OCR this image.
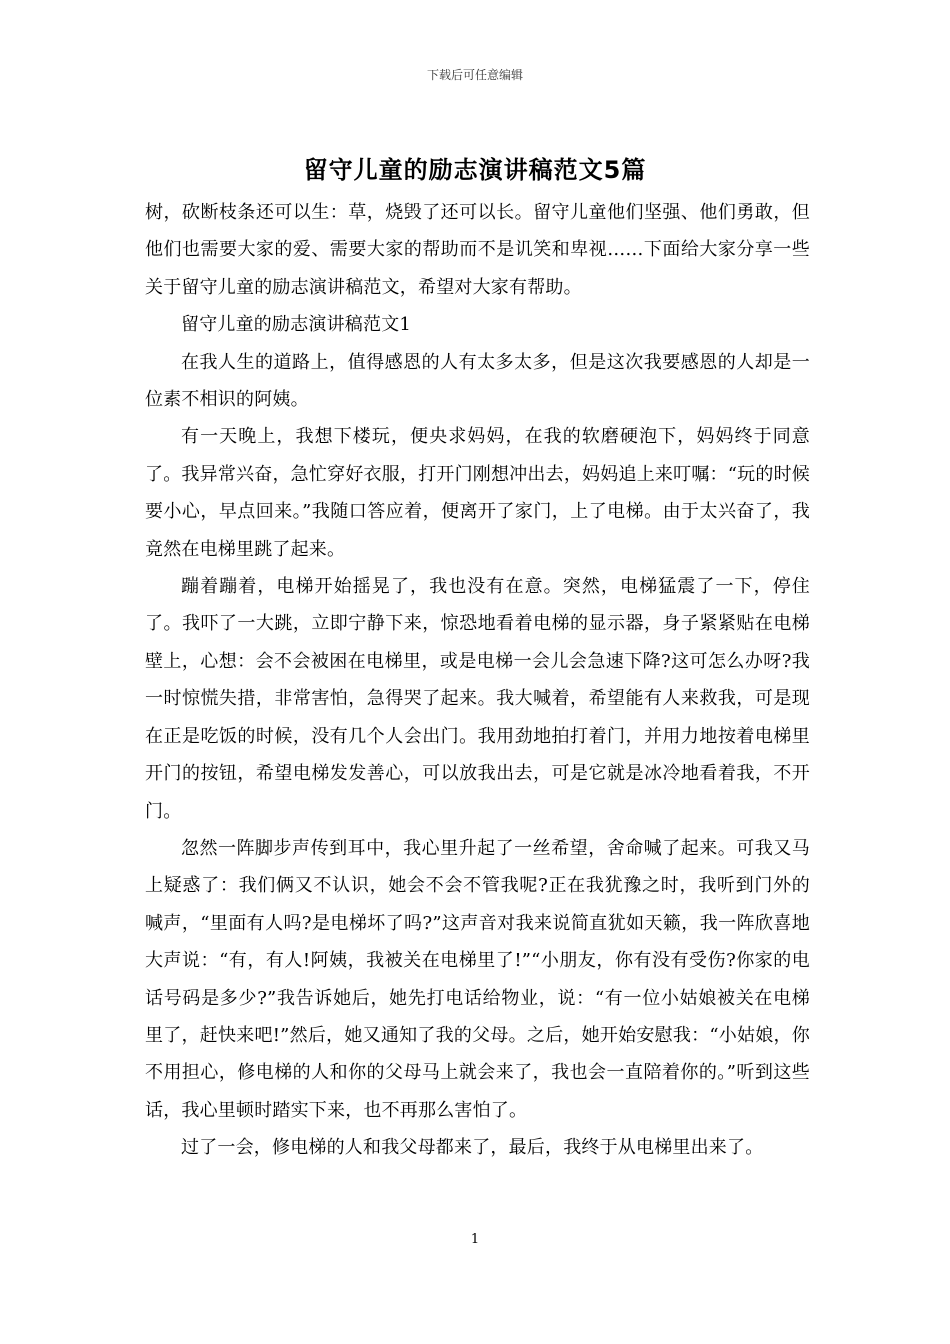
下载后可任意编辑
留守儿童的励志演讲稿范文5篇

树，砍断枝条还可以生：草，烧毁了还可以长。留守儿童他们坚强、他们勇敢，但他们也需要大家的爱、需要大家的帮助而不是讥笑和卑视……下面给大家分享一些关于留守儿童的励志演讲稿范文，希望对大家有帮助。

留守儿童的励志演讲稿范文1

在我人生的道路上，值得感恩的人有太多太多，但是这次我要感恩的人却是一位素不相识的阿姨。

有一天晚上，我想下楼玩，便央求妈妈，在我的软磨硬泡下，妈妈终于同意了。我异常兴奋，急忙穿好衣服，打开门刚想冲出去，妈妈追上来叮嘱：“玩的时候要小心，早点回来。”我随口答应着，便离开了家门，上了电梯。由于太兴奋了，我竟然在电梯里跳了起来。

蹦着蹦着，电梯开始摇晃了，我也没有在意。突然，电梯猛震了一下，停住了。我吓了一大跳，立即宁静下来，惊恐地看着电梯的显示器，身子紧紧贴在电梯壁上，心想：会不会被困在电梯里，或是电梯一会儿会急速下降?这可怎么办呀?我一时惊慌失措，非常害怕，急得哭了起来。我大喊着，希望能有人来救我，可是现在正是吃饭的时候，没有几个人会出门。我用劲地拍打着门，并用力地按着电梯里开门的按钮，希望电梯发发善心，可以放我出去，可是它就是冰冷地看着我，不开门。

忽然一阵脚步声传到耳中，我心里升起了一丝希望，舍命喊了起来。可我又马上疑惑了：我们俩又不认识，她会不会不管我呢?正在我犹豫之时，我听到门外的喊声，“里面有人吗?是电梯坏了吗?”这声音对我来说简直犹如天籁，我一阵欣喜地大声说：“有，有人!阿姨，我被关在电梯里了!”“小朋友，你有没有受伤?你家的电话号码是多少?”我告诉她后，她先打电话给物业，说：“有一位小姑娘被关在电梯里了，赶快来吧!”然后，她又通知了我的父母。之后，她开始安慰我：“小姑娘，你不用担心，修电梯的人和你的父母马上就会来了，我也会一直陪着你的。”听到这些话，我心里顿时踏实下来，也不再那么害怕了。

过了一会，修电梯的人和我父母都来了，最后，我终于从电梯里出来了。

1
